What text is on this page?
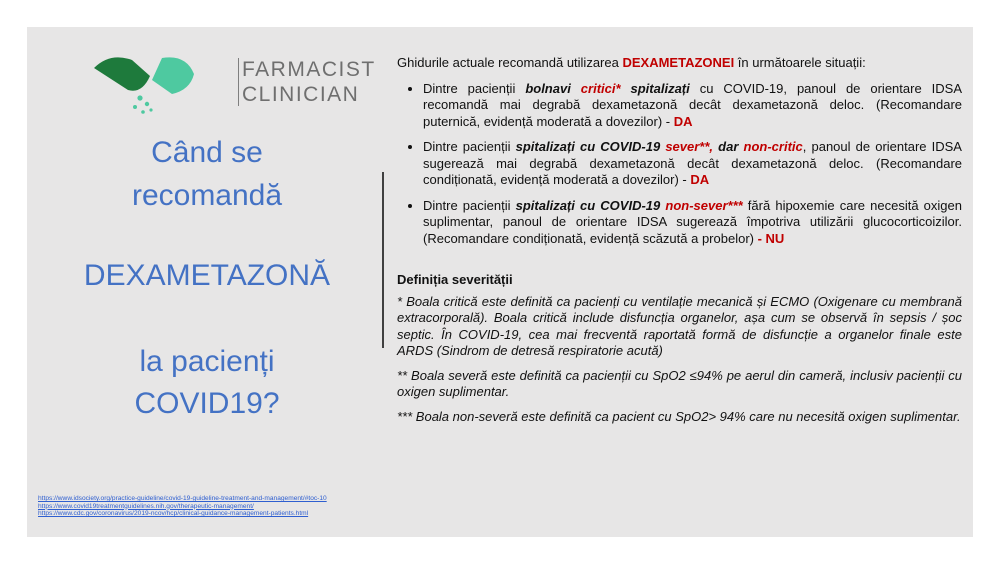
FARMACIST
CLINICIAN
Când se
recomandă
DEXAMETAZONĂ
la pacienți
COVID19?
https://www.idsociety.org/practice-guideline/covid-19-guideline-treatment-and-management/#toc-10
https://www.covid19treatmentguidelines.nih.gov/therapeutic-management/
https://www.cdc.gov/coronavirus/2019-ncov/hcp/clinical-guidance-management-patients.html
Ghidurile actuale recomandă utilizarea DEXAMETAZONEI în următoarele situații:
• Dintre pacienții bolnavi critici* spitalizați cu COVID-19, panoul de orientare IDSA recomandă mai degrabă dexametazonă decât dexametazonă deloc. (Recomandare puternică, evidență moderată a dovezilor) - DA
• Dintre pacienții spitalizați cu COVID-19 sever**, dar non-critic, panoul de orientare IDSA sugerează mai degrabă dexametazonă decât dexametazonă deloc. (Recomandare condiționată, evidență moderată a dovezilor) - DA
• Dintre pacienții spitalizați cu COVID-19 non-sever*** fără hipoxemie care necesită oxigen suplimentar, panoul de orientare IDSA sugerează împotriva utilizării glucocorticoizilor. (Recomandare condiționată, evidență scăzută a probelor) - NU
Definiția severității
* Boala critică este definită ca pacienți cu ventilație mecanică și ECMO (Oxigenare cu membrană extracorporală). Boala critică include disfuncția organelor, așa cum se observă în sepsis / șoc septic. În COVID-19, cea mai frecventă raportată formă de disfuncție a organelor finale este ARDS (Sindrom de detresă respiratorie acută)
** Boala severă este definită ca pacienții cu SpO2 ≤94% pe aerul din cameră, inclusiv pacienții cu oxigen suplimentar.
*** Boala non-severă este definită ca pacient cu SpO2> 94% care nu necesită oxigen suplimentar.
